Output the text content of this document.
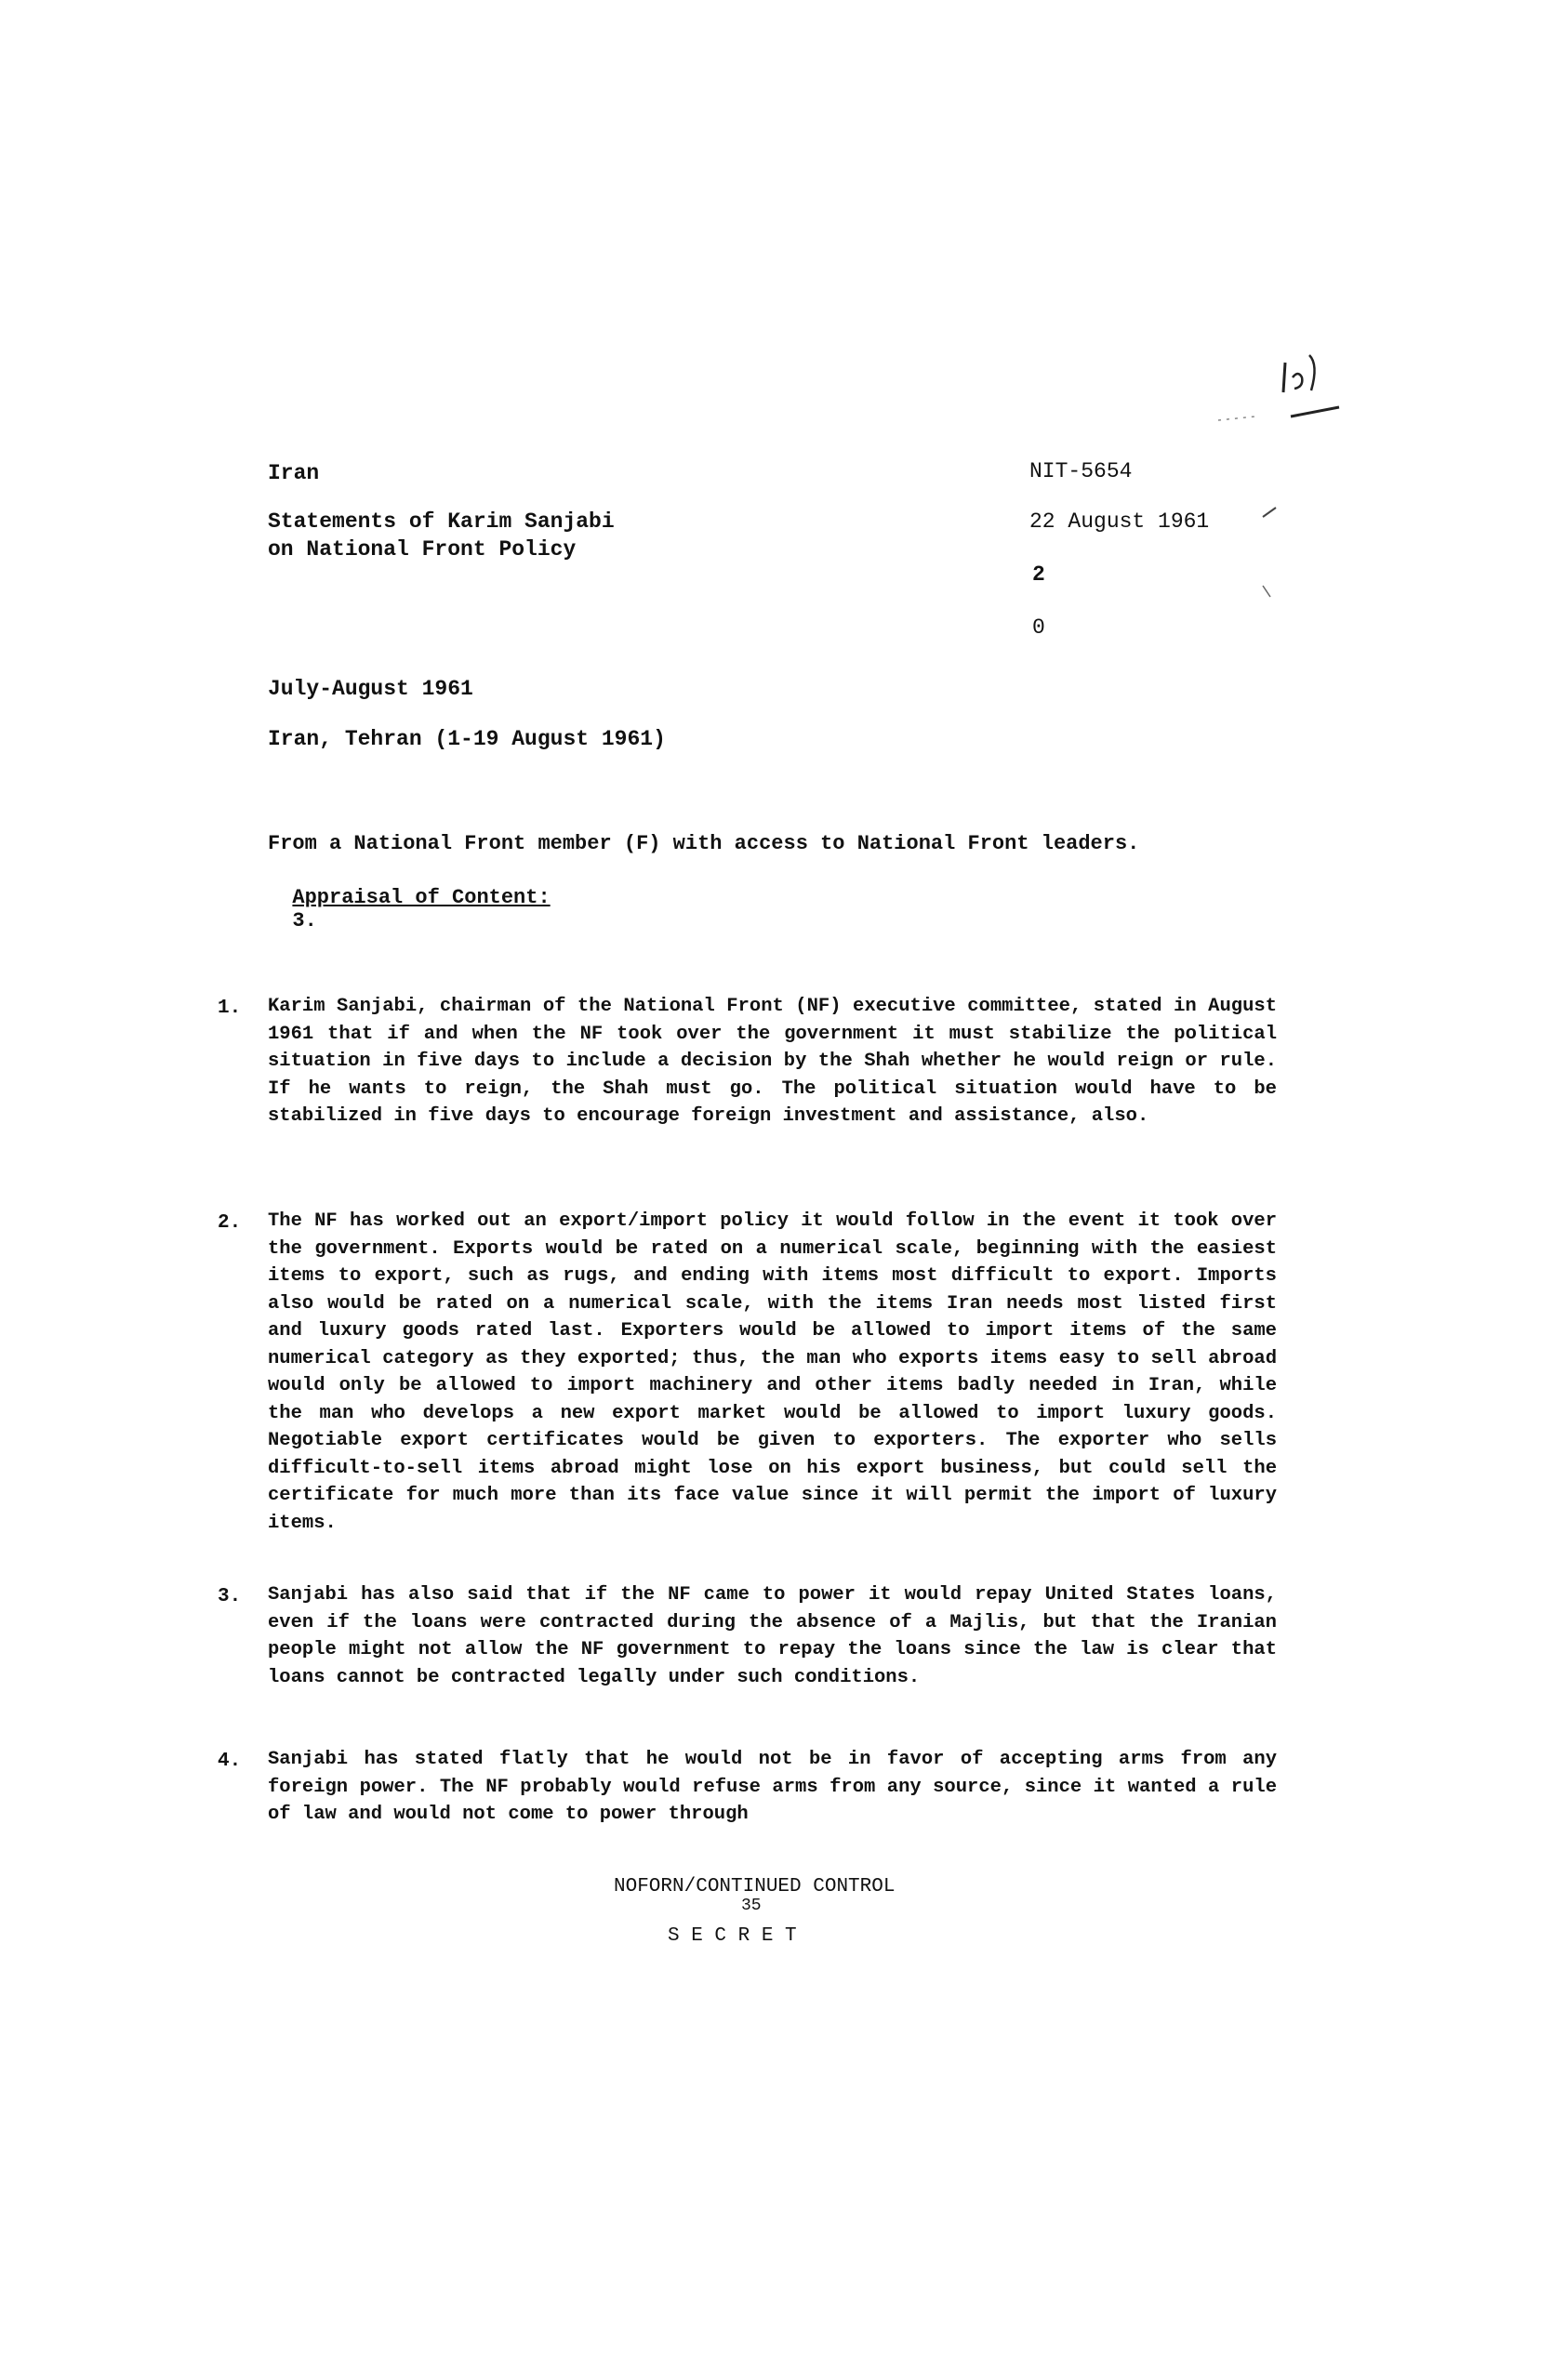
Iran
Statements of Karim Sanjabi
on National Front Policy
NIT-5654
22 August 1961
2
0
July-August 1961
Iran, Tehran (1-19 August 1961)
From a National Front member (F) with access to National Front leaders.

Appraisal of Content:
3.

1. Karim Sanjabi, chairman of the National Front (NF) executive committee, stated in August 1961 that if and when the NF took over the government it must stabilize the political situation in five days to include a decision by the Shah whether he would reign or rule. If he wants to reign, the Shah must go. The political situation would have to be stabilized in five days to encourage foreign investment and assistance, also.
2. The NF has worked out an export/import policy it would follow in the event it took over the government. Exports would be rated on a numerical scale, beginning with the easiest items to export, such as rugs, and ending with items most difficult to export. Imports also would be rated on a numerical scale, with the items Iran needs most listed first and luxury goods rated last. Exporters would be allowed to import items of the same numerical category as they exported; thus, the man who exports items easy to sell abroad would only be allowed to import machinery and other items badly needed in Iran, while the man who develops a new export market would be allowed to import luxury goods. Negotiable export certificates would be given to exporters. The exporter who sells difficult-to-sell items abroad might lose on his export business, but could sell the certificate for much more than its face value since it will permit the import of luxury items.
3. Sanjabi has also said that if the NF came to power it would repay United States loans, even if the loans were contracted during the absence of a Majlis, but that the Iranian people might not allow the NF government to repay the loans since the law is clear that loans cannot be contracted legally under such conditions.
4. Sanjabi has stated flatly that he would not be in favor of accepting arms from any foreign power. The NF probably would refuse arms from any source, since it wanted a rule of law and would not come to power through
NOFORN/CONTINUED CONTROL
35
S E C R E T
